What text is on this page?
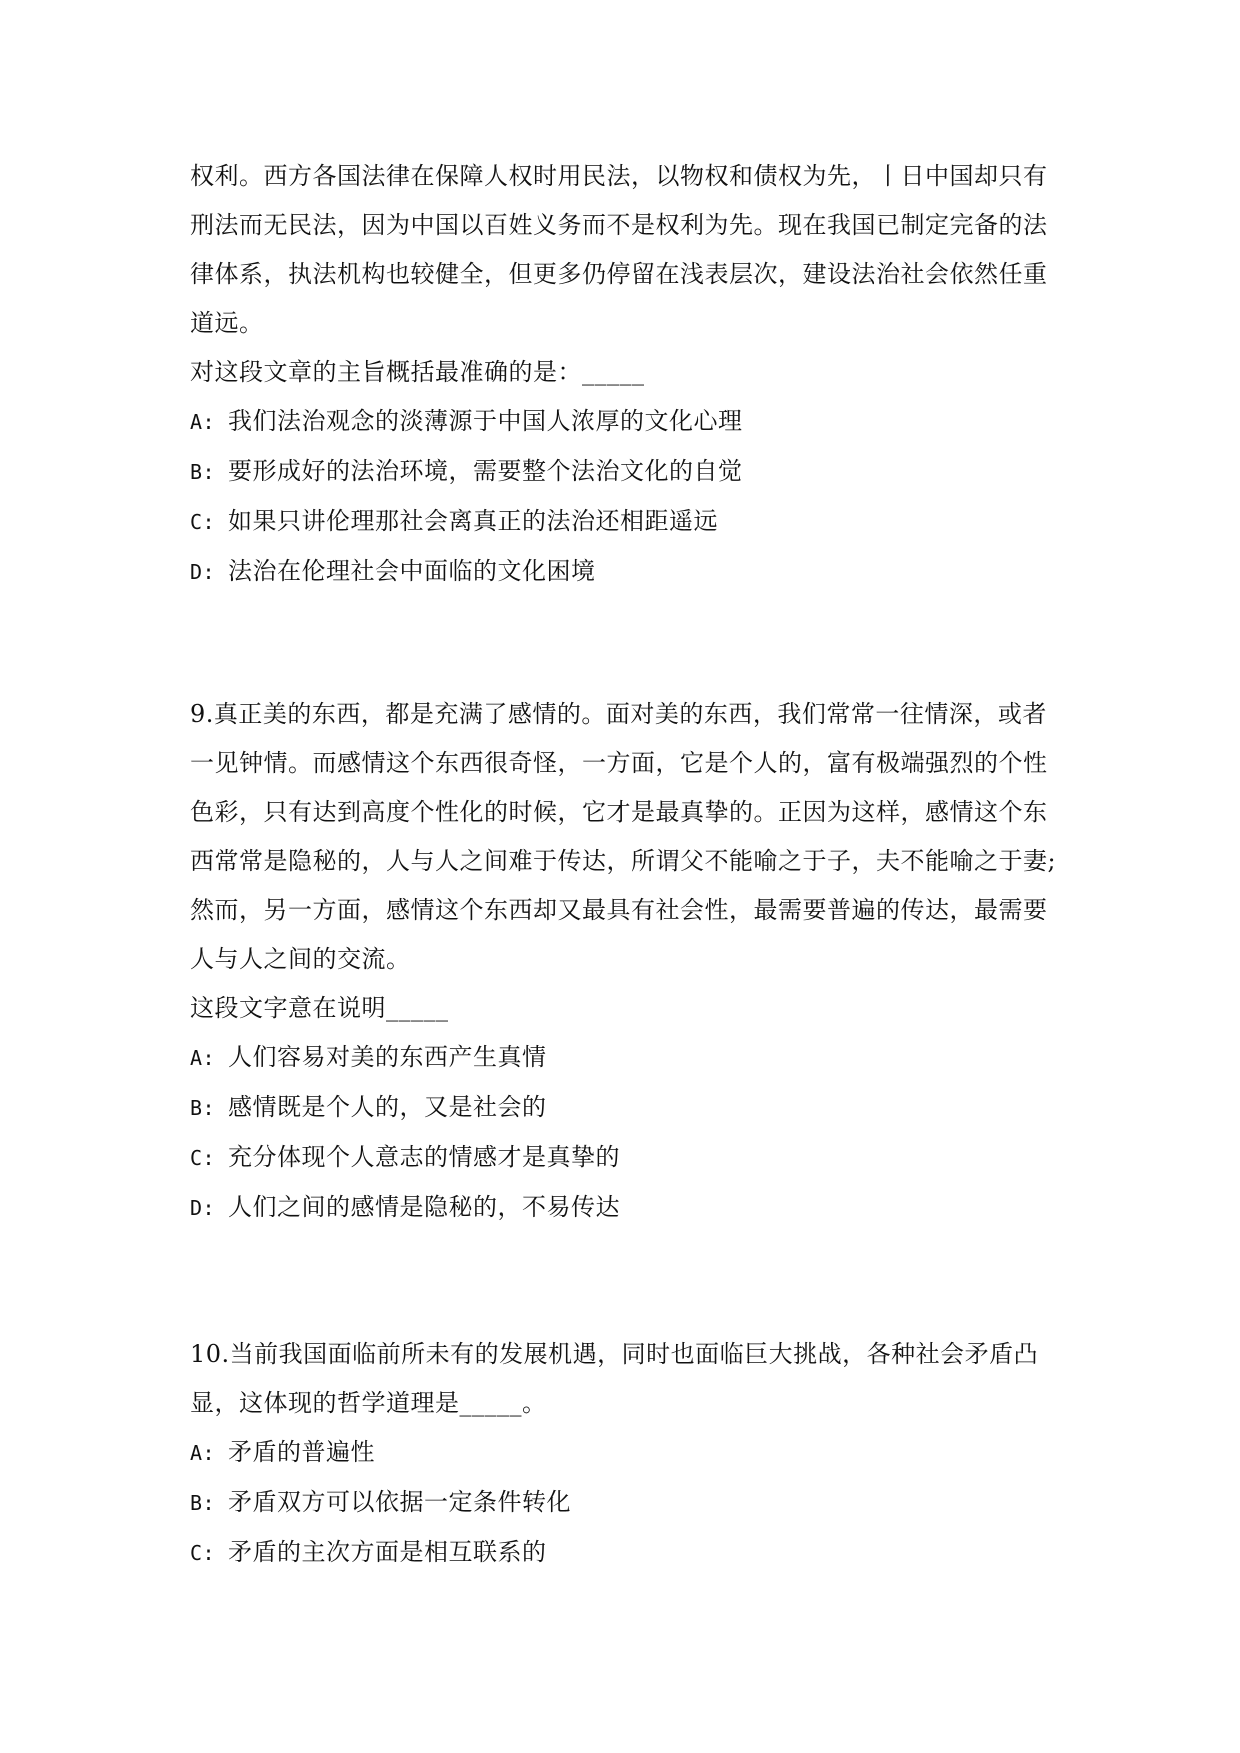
权利。西方各国法律在保障人权时用民法，以物权和债权为先，丨日中国却只有刑法而无民法，因为中国以百姓义务而不是权利为先。现在我国已制定完备的法律体系，执法机构也较健全，但更多仍停留在浅表层次，建设法治社会依然任重道远。

对这段文章的主旨概括最准确的是：_____

A: 我们法治观念的淡薄源于中国人浓厚的文化心理

B: 要形成好的法治环境，需要整个法治文化的自觉

C: 如果只讲伦理那社会离真正的法治还相距遥远

D: 法治在伦理社会中面临的文化困境

9.真正美的东西，都是充满了感情的。面对美的东西，我们常常一往情深，或者一见钟情。而感情这个东西很奇怪，一方面，它是个人的，富有极端强烈的个性色彩，只有达到高度个性化的时候，它才是最真挚的。正因为这样，感情这个东西常常是隐秘的，人与人之间难于传达，所谓父不能喻之于子，夫不能喻之于妻;然而，另一方面，感情这个东西却又最具有社会性，最需要普遍的传达，最需要人与人之间的交流。

这段文字意在说明_____

A: 人们容易对美的东西产生真情

B: 感情既是个人的，又是社会的

C: 充分体现个人意志的情感才是真挚的

D: 人们之间的感情是隐秘的，不易传达

10.当前我国面临前所未有的发展机遇，同时也面临巨大挑战，各种社会矛盾凸显，这体现的哲学道理是_____。

A: 矛盾的普遍性

B: 矛盾双方可以依据一定条件转化

C: 矛盾的主次方面是相互联系的
